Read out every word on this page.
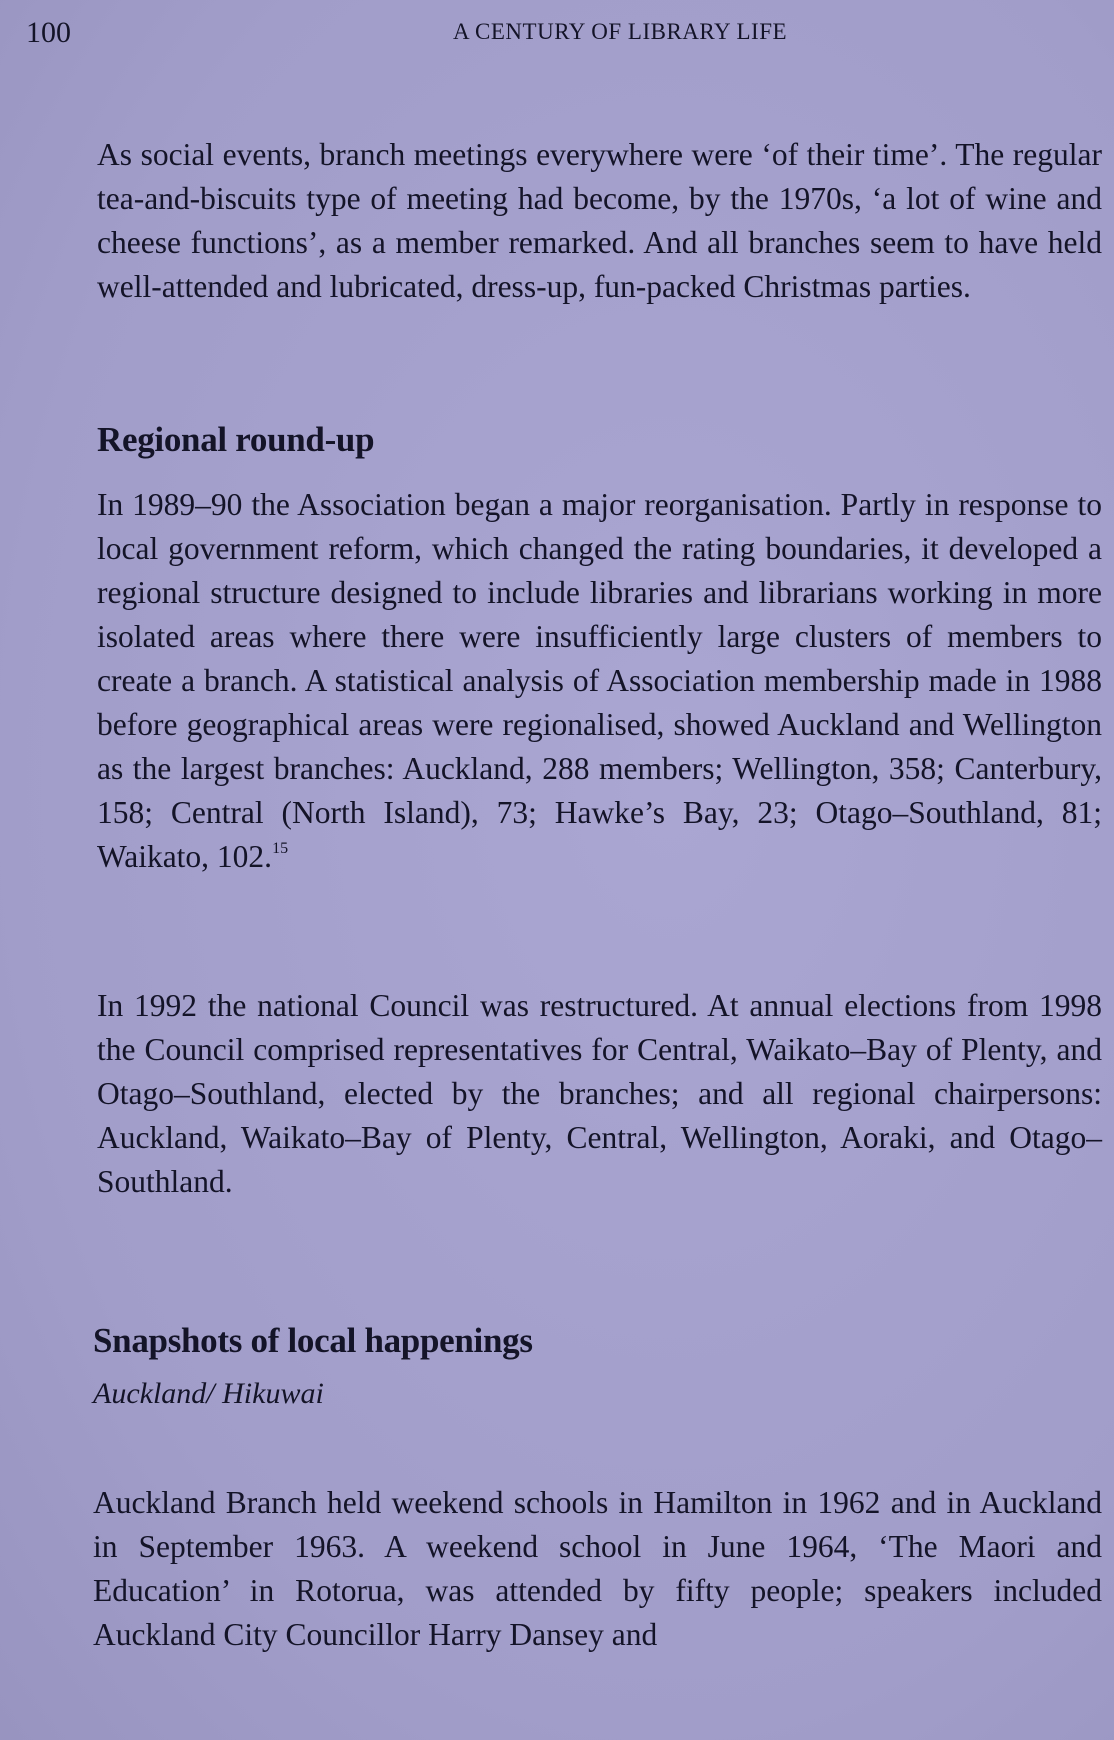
100	A CENTURY OF LIBRARY LIFE

As social events, branch meetings everywhere were ‘of their time’. The regular tea-and-biscuits type of meeting had become, by the 1970s, ‘a lot of wine and cheese functions’, as a member remarked. And all branches seem to have held well-attended and lubricated, dress-up, fun-packed Christmas parties.

Regional round-up

In 1989–90 the Association began a major reorganisation. Partly in response to local government reform, which changed the rating boundaries, it developed a regional structure designed to include libraries and librarians working in more isolated areas where there were insufficiently large clusters of members to create a branch. A statistical analysis of Association membership made in 1988 before geographical areas were regionalised, showed Auckland and Wellington as the largest branches: Auckland, 288 members; Wellington, 358; Canterbury, 158; Central (North Island), 73; Hawke’s Bay, 23; Otago–Southland, 81; Waikato, 102.15

In 1992 the national Council was restructured. At annual elections from 1998 the Council comprised representatives for Central, Waikato–Bay of Plenty, and Otago–Southland, elected by the branches; and all regional chairpersons: Auckland, Waikato–Bay of Plenty, Central, Wellington, Aoraki, and Otago–Southland.

Snapshots of local happenings
Auckland/ Hikuwai

Auckland Branch held weekend schools in Hamilton in 1962 and in Auckland in September 1963. A weekend school in June 1964, ‘The Maori and Education’ in Rotorua, was attended by fifty people; speakers included Auckland City Councillor Harry Dansey and
